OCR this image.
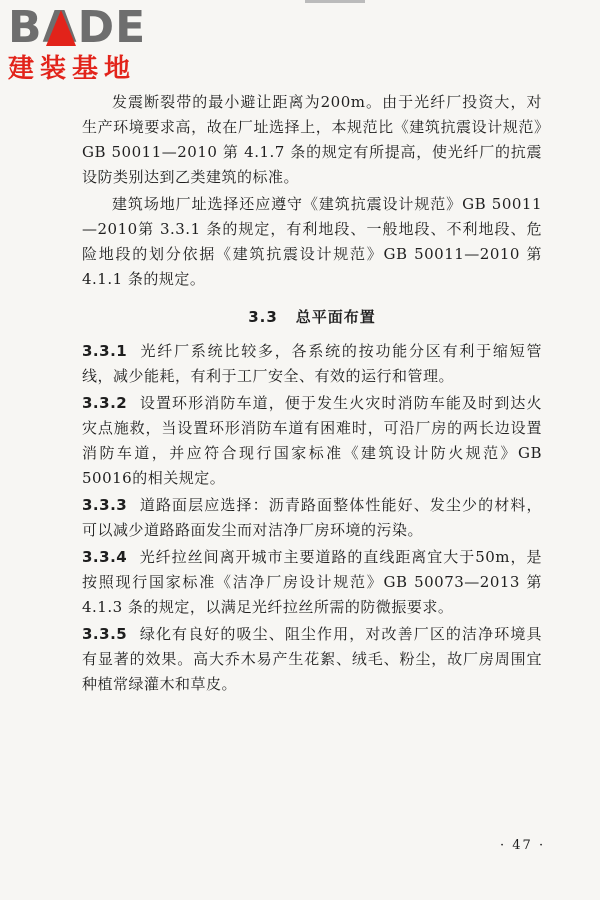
BADE
建装基地

发震断裂带的最小避让距离为200m。由于光纤厂投资大，对生产环境要求高，故在厂址选择上，本规范比《建筑抗震设计规范》GB 50011—2010 第 4.1.7 条的规定有所提高，使光纤厂的抗震设防类别达到乙类建筑的标准。

建筑场地厂址选择还应遵守《建筑抗震设计规范》GB 50011—2010第 3.3.1 条的规定，有利地段、一般地段、不利地段、危险地段的划分依据《建筑抗震设计规范》GB 50011—2010 第 4.1.1 条的规定。

3.3 总平面布置

3.3.1 光纤厂系统比较多，各系统的按功能分区有利于缩短管线，减少能耗，有利于工厂安全、有效的运行和管理。

3.3.2 设置环形消防车道，便于发生火灾时消防车能及时到达火灾点施救，当设置环形消防车道有困难时，可沿厂房的两长边设置消防车道，并应符合现行国家标准《建筑设计防火规范》GB 50016的相关规定。

3.3.3 道路面层应选择：沥青路面整体性能好、发尘少的材料，可以减少道路路面发尘而对洁净厂房环境的污染。

3.3.4 光纤拉丝间离开城市主要道路的直线距离宜大于50m，是按照现行国家标准《洁净厂房设计规范》GB 50073—2013 第 4.1.3 条的规定，以满足光纤拉丝所需的防微振要求。

3.3.5 绿化有良好的吸尘、阻尘作用，对改善厂区的洁净环境具有显著的效果。高大乔木易产生花絮、绒毛、粉尘，故厂房周围宜种植常绿灌木和草皮。

· 47 ·
